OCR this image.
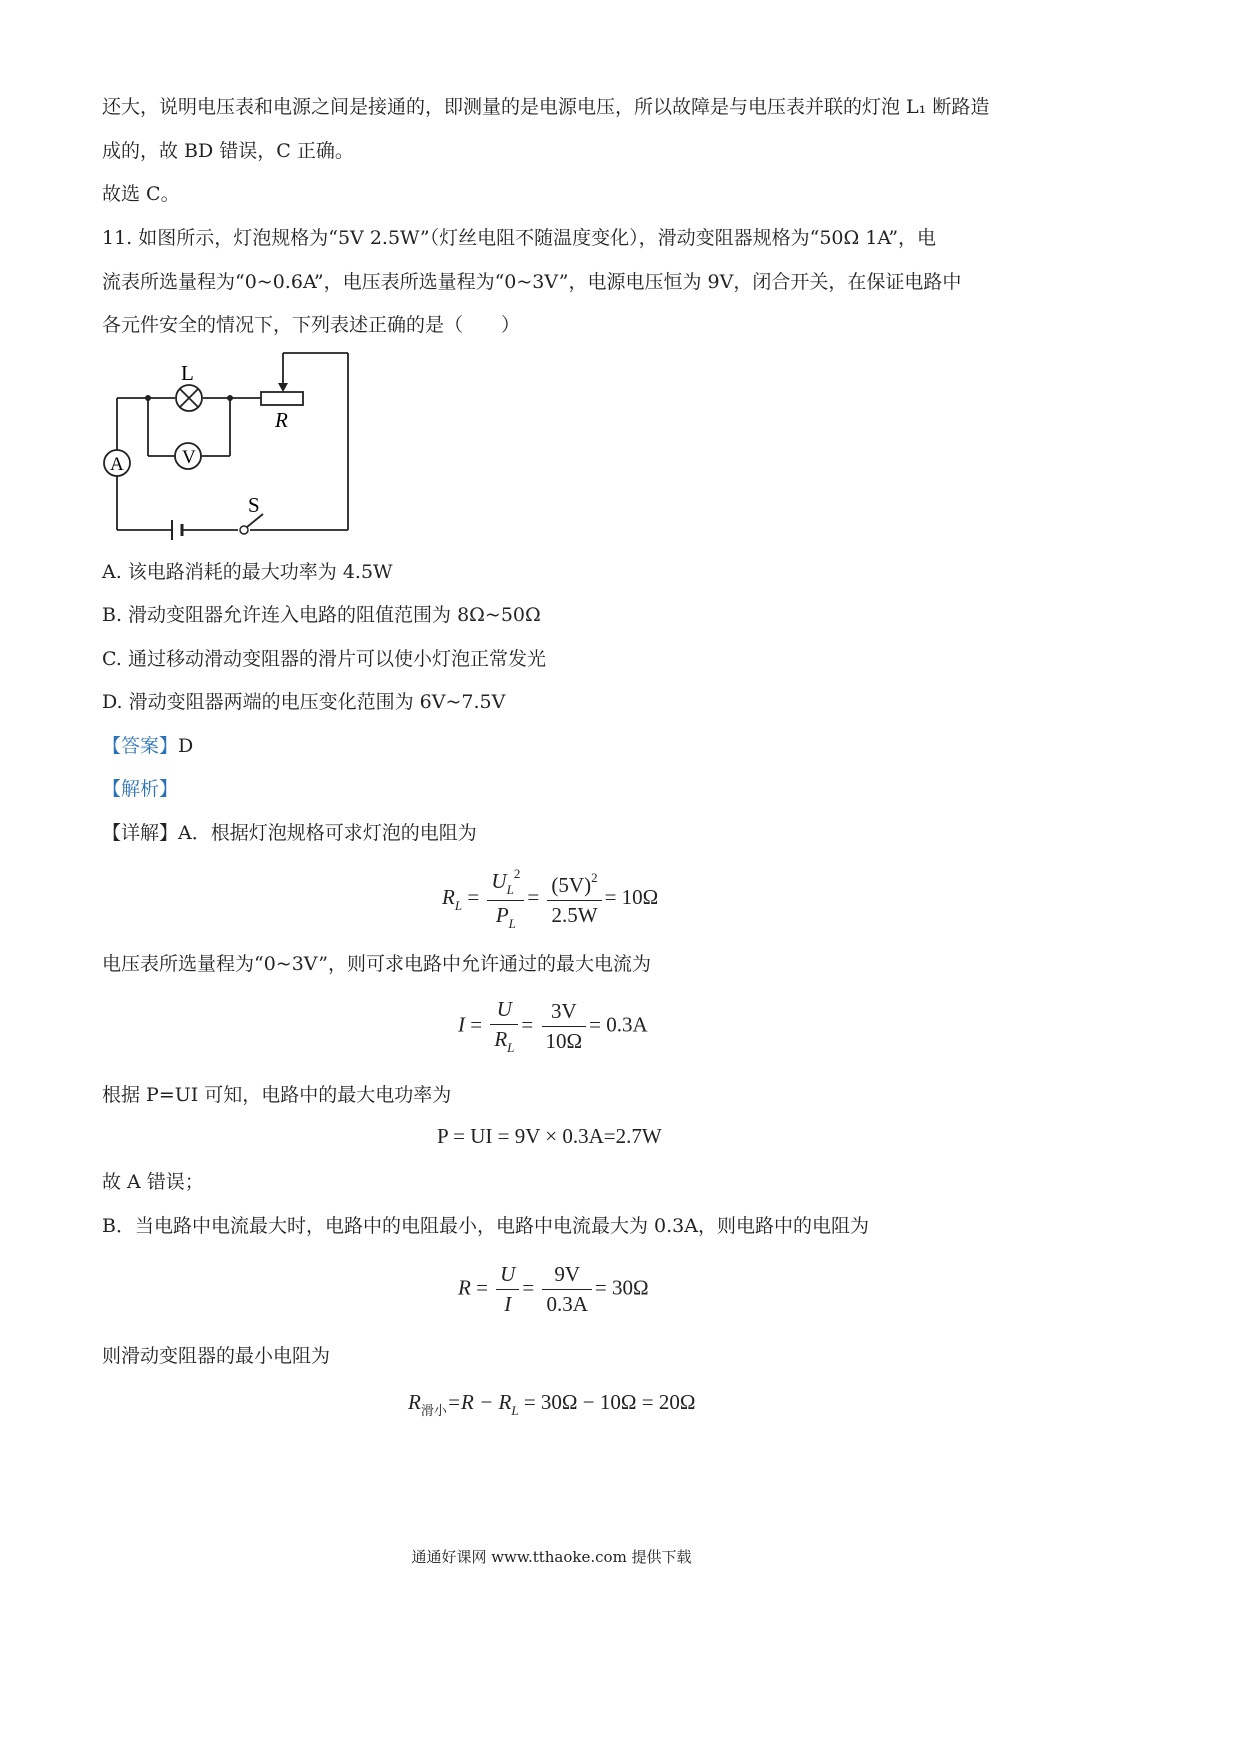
还大，说明电压表和电源之间是接通的，即测量的是电源电压，所以故障是与电压表并联的灯泡 L₁ 断路造
成的，故 BD 错误，C 正确。
故选 C。
11. 如图所示，灯泡规格为“5V 2.5W”（灯丝电阻不随温度变化），滑动变阻器规格为“50Ω 1A”，电
流表所选量程为“0~0.6A”，电压表所选量程为“0~3V”，电源电压恒为 9V，闭合开关，在保证电路中
各元件安全的情况下，下列表述正确的是（　　）
L
R
V
A
S
A. 该电路消耗的最大功率为 4.5W
B. 滑动变阻器允许连入电路的阻值范围为 8Ω~50Ω
C. 通过移动滑动变阻器的滑片可以使小灯泡正常发光
D. 滑动变阻器两端的电压变化范围为 6V~7.5V
【答案】D
【解析】
【详解】A．根据灯泡规格可求灯泡的电阻为
$R_L = \frac{U_L^2}{P_L} = \frac{(5V)^2}{2.5W} = 10\Omega$
电压表所选量程为“0~3V”，则可求电路中允许通过的最大电流为
$I = \frac{U}{R_L} = \frac{3V}{10\Omega} = 0.3A$
根据 P=UI 可知，电路中的最大电功率为
P = UI = 9V × 0.3A=2.7W
故 A 错误；
B．当电路中电流最大时，电路中的电阻最小，电路中电流最大为 0.3A，则电路中的电阻为
$R = \frac{U}{I} = \frac{9V}{0.3A} = 30\Omega$
则滑动变阻器的最小电阻为
$R_{滑小}=R - R_L = 30\Omega - 10\Omega = 20\Omega$
通通好课网 www.tthaoke.com 提供下载
